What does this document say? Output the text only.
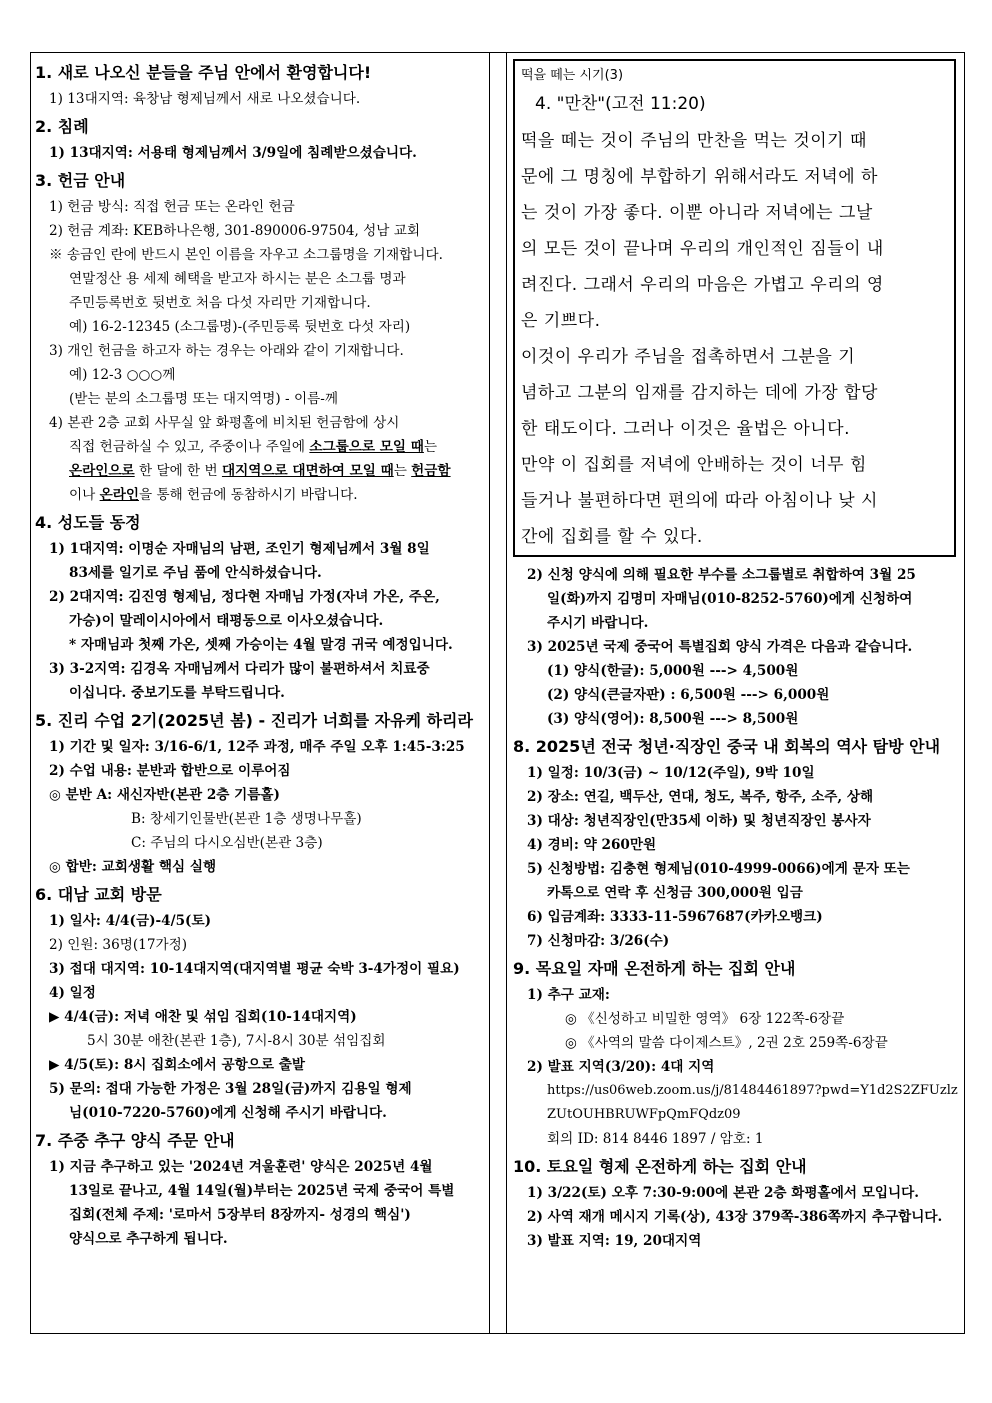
1. 새로 나오신 분들을 주님 안에서 환영합니다!
1) 13대지역: 육창남 형제님께서 새로 나오셨습니다.
2. 침례
1) 13대지역: 서용태 형제님께서 3/9일에 침례받으셨습니다.
3. 헌금 안내
1) 헌금 방식: 직접 헌금 또는 온라인 헌금
2) 헌금 계좌: KEB하나은행, 301-890006-97504, 성남 교회
※ 송금인 란에 반드시 본인 이름을 자우고 소그룹명을 기재합니다.
연말정산 용 세제 혜택을 받고자 하시는 분은 소그룹 명과
주민등록번호 뒷번호 처음 다섯 자리만 기재합니다.
예) 16-2-12345 (소그룹명)-(주민등록 뒷번호 다섯 자리)
3) 개인 헌금을 하고자 하는 경우는 아래와 같이 기재합니다.
예) 12-3 ○○○께
(받는 분의 소그룹명 또는 대지역명) - 이름-께
4) 본관 2층 교회 사무실 앞 화평홀에 비치된 헌금함에 상시
직접 헌금하실 수 있고, 주중이나 주일에 소그룹으로 모일 때는
온라인으로 한 달에 한 번 대지역으로 대면하여 모일 때는 헌금함
이나 온라인을 통해 헌금에 동참하시기 바랍니다.
4. 성도들 동정
1) 1대지역: 이명순 자매님의 남편, 조인기 형제님께서 3월 8일
83세를 일기로 주님 품에 안식하셨습니다.
2) 2대지역: 김진영 형제님, 정다현 자매님 가정(자녀 가온, 주온,
가승)이 말레이시아에서 태평동으로 이사오셨습니다.
* 자매님과 첫째 가온, 셋째 가승이는 4월 말경 귀국 예정입니다.
3) 3-2지역: 김경옥 자매님께서 다리가 많이 불편하셔서 치료중
이십니다. 중보기도를 부탁드립니다.
5. 진리 수업 2기(2025년 봄) - 진리가 너희를 자유케 하리라
1) 기간 및 일자: 3/16-6/1, 12주 과정, 매주 주일 오후 1:45-3:25
2) 수업 내용: 분반과 합반으로 이루어짐
◎ 분반 A: 새신자반(본관 2층 기름홀)
B: 창세기인물반(본관 1층 생명나무홀)
C: 주님의 다시오심반(본관 3층)
◎ 합반: 교회생활 핵심 실행
6. 대남 교회 방문
1) 일사: 4/4(금)-4/5(토)
2) 인원: 36명(17가정)
3) 접대 대지역: 10-14대지역(대지역별 평균 숙박 3-4가정이 필요)
4) 일정
▶ 4/4(금): 저녁 애찬 및 섞임 집회(10-14대지역)
5시 30분 애찬(본관 1층), 7시-8시 30분 섞임집회
▶ 4/5(토): 8시 집회소에서 공항으로 출발
5) 문의: 접대 가능한 가정은 3월 28일(금)까지 김용일 형제
님(010-7220-5760)에게 신청해 주시기 바랍니다.
7. 주중 추구 양식 주문 안내
1) 지금 추구하고 있는 '2024년 겨울훈련' 양식은 2025년 4월
13일로 끝나고, 4월 14일(월)부터는 2025년 국제 중국어 특별
집회(전체 주제: '로마서 5장부터 8장까지- 성경의 핵심')
양식으로 추구하게 됩니다.
떡을 떼는 시기(3)
4. "만찬"(고전 11:20)
떡을 떼는 것이 주님의 만찬을 먹는 것이기 때
문에 그 명칭에 부합하기 위해서라도 저녁에 하
는 것이 가장 좋다. 이뿐 아니라 저녁에는 그날
의 모든 것이 끝나며 우리의 개인적인 짐들이 내
려진다. 그래서 우리의 마음은 가볍고 우리의 영
은 기쁘다.
이것이 우리가 주님을 접촉하면서 그분을 기
념하고 그분의 임재를 감지하는 데에 가장 합당
한 태도이다. 그러나 이것은 율법은 아니다.
만약 이 집회를 저녁에 안배하는 것이 너무 힘
들거나 불편하다면 편의에 따라 아침이나 낮 시
간에 집회를 할 수 있다.
2) 신청 양식에 의해 필요한 부수를 소그룹별로 취합하여 3월 25
일(화)까지 김명미 자매님(010-8252-5760)에게 신청하여
주시기 바랍니다.
3) 2025년 국제 중국어 특별집회 양식 가격은 다음과 같습니다.
(1) 양식(한글): 5,000원 ---> 4,500원
(2) 양식(큰글자판) : 6,500원 ---> 6,000원
(3) 양식(영어): 8,500원 ---> 8,500원
8. 2025년 전국 청년·직장인 중국 내 회복의 역사 탐방 안내
1) 일정: 10/3(금) ~ 10/12(주일), 9박 10일
2) 장소: 연길, 백두산, 연대, 청도, 복주, 항주, 소주, 상해
3) 대상: 청년직장인(만35세 이하) 및 청년직장인 봉사자
4) 경비: 약 260만원
5) 신청방법: 김충현 형제님(010-4999-0066)에게 문자 또는
카톡으로 연락 후 신청금 300,000원 입금
6) 입금계좌: 3333-11-5967687(카카오뱅크)
7) 신청마감: 3/26(수)
9. 목요일 자매 온전하게 하는 집회 안내
1) 추구 교재:
◎ 《신성하고 비밀한 영역》 6장 122쪽-6장끝
◎ 《사역의 말씀 다이제스트》, 2권 2호 259쪽-6장끝
2) 발표 지역(3/20): 4대 지역
https://us06web.zoom.us/j/81484461897?pwd=Y1d2S2ZFUzlz
ZUtOUHBRUWFpQmFQdz09
회의 ID: 814 8446 1897 / 암호: 1
10. 토요일 형제 온전하게 하는 집회 안내
1) 3/22(토) 오후 7:30-9:00에 본관 2층 화평홀에서 모입니다.
2) 사역 재개 메시지 기록(상), 43장 379쪽-386쪽까지 추구합니다.
3) 발표 지역: 19, 20대지역
